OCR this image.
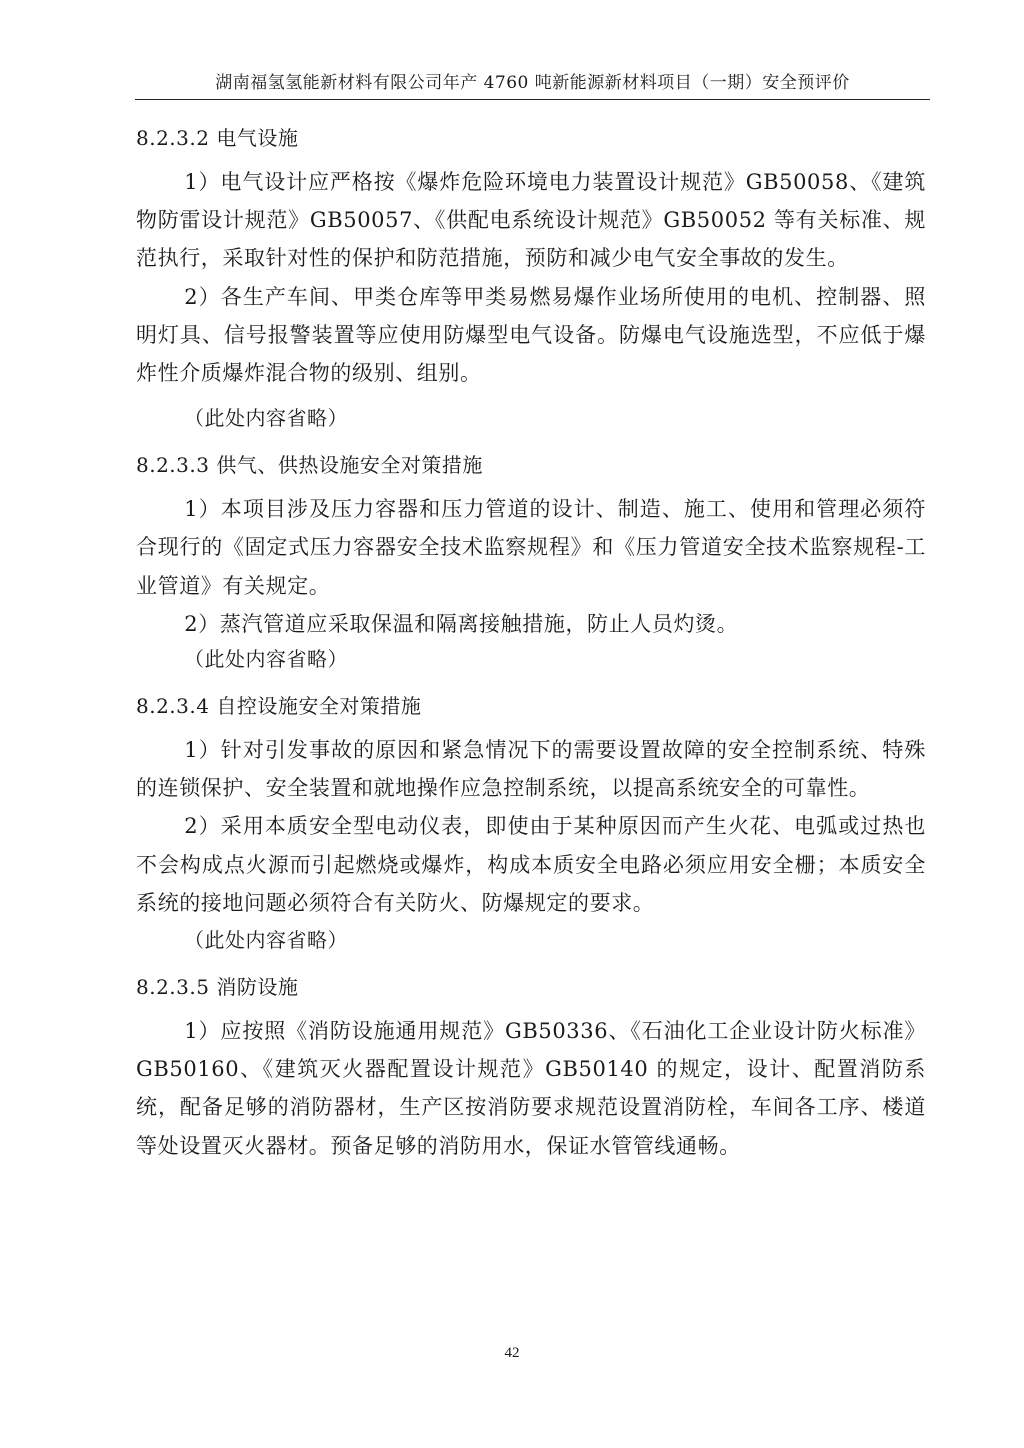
湖南福氢氢能新材料有限公司年产 4760 吨新能源新材料项目（一期）安全预评价
8.2.3.2 电气设施

1）电气设计应严格按《爆炸危险环境电力装置设计规范》GB50058、《建筑物防雷设计规范》GB50057、《供配电系统设计规范》GB50052 等有关标准、规范执行，采取针对性的保护和防范措施，预防和减少电气安全事故的发生。

2）各生产车间、甲类仓库等甲类易燃易爆作业场所使用的电机、控制器、照明灯具、信号报警装置等应使用防爆型电气设备。防爆电气设施选型，不应低于爆炸性介质爆炸混合物的级别、组别。

（此处内容省略）

8.2.3.3 供气、供热设施安全对策措施

1）本项目涉及压力容器和压力管道的设计、制造、施工、使用和管理必须符合现行的《固定式压力容器安全技术监察规程》和《压力管道安全技术监察规程-工业管道》有关规定。

2）蒸汽管道应采取保温和隔离接触措施，防止人员灼烫。

（此处内容省略）

8.2.3.4 自控设施安全对策措施

1）针对引发事故的原因和紧急情况下的需要设置故障的安全控制系统、特殊的连锁保护、安全装置和就地操作应急控制系统，以提高系统安全的可靠性。

2）采用本质安全型电动仪表，即使由于某种原因而产生火花、电弧或过热也不会构成点火源而引起燃烧或爆炸，构成本质安全电路必须应用安全栅；本质安全系统的接地问题必须符合有关防火、防爆规定的要求。

（此处内容省略）

8.2.3.5 消防设施

1）应按照《消防设施通用规范》GB50336、《石油化工企业设计防火标准》GB50160、《建筑灭火器配置设计规范》GB50140 的规定，设计、配置消防系统，配备足够的消防器材，生产区按消防要求规范设置消防栓，车间各工序、楼道等处设置灭火器材。预备足够的消防用水，保证水管管线通畅。

42
